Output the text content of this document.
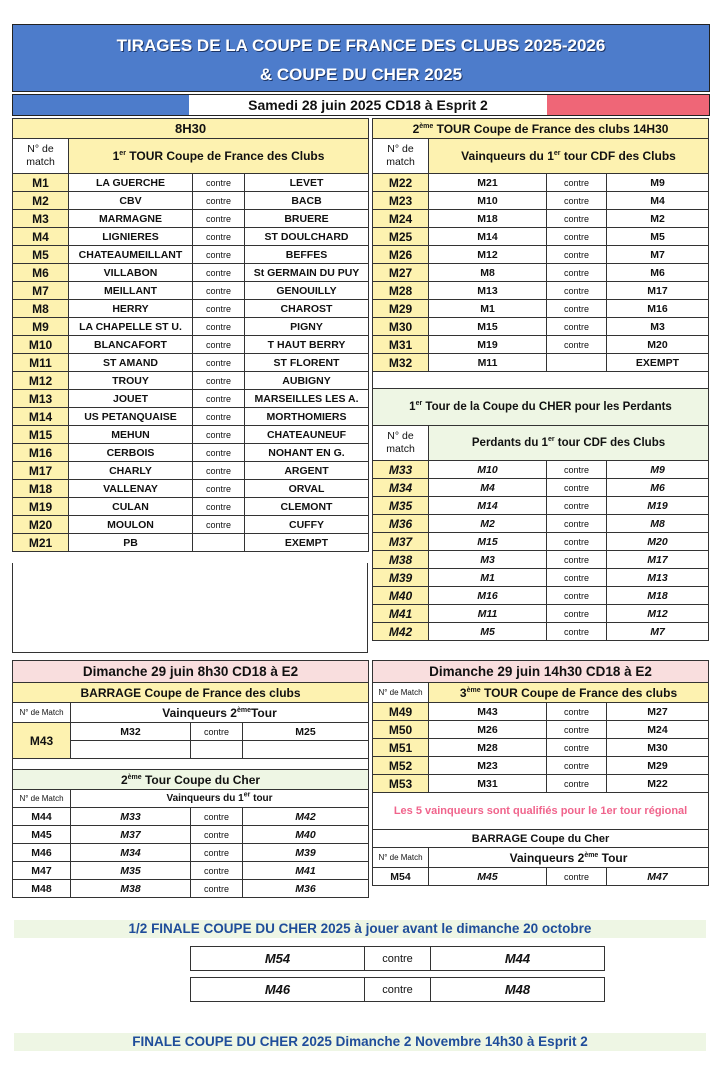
TIRAGES DE LA COUPE DE FRANCE DES CLUBS 2025-2026
& COUPE DU CHER 2025
Samedi 28 juin 2025 CD18 à Esprit 2
8H30			
N° de match	1er TOUR Coupe de France des Clubs		
M1	LA GUERCHE	contre	LEVET
M2	CBV	contre	BACB
M3	MARMAGNE	contre	BRUERE
M4	LIGNIERES	contre	ST DOULCHARD
M5	CHATEAUMEILLANT	contre	BEFFES
M6	VILLABON	contre	St GERMAIN DU PUY
M7	MEILLANT	contre	GENOUILLY
M8	HERRY	contre	CHAROST
M9	LA CHAPELLE ST U.	contre	PIGNY
M10	BLANCAFORT	contre	T HAUT BERRY
M11	ST AMAND	contre	ST FLORENT
M12	TROUY	contre	AUBIGNY
M13	JOUET	contre	MARSEILLES LES A.
M14	US PETANQUAISE	contre	MORTHOMIERS
M15	MEHUN	contre	CHATEAUNEUF
M16	CERBOIS	contre	NOHANT EN G.
M17	CHARLY	contre	ARGENT
M18	VALLENAY	contre	ORVAL
M19	CULAN	contre	CLEMONT
M20	MOULON	contre	CUFFY
M21	PB		EXEMPT
2ème TOUR Coupe de France des clubs 14H30			
N° de match	Vainqueurs du 1er tour CDF des Clubs		
M22	M21	contre	M9
M23	M10	contre	M4
M24	M18	contre	M2
M25	M14	contre	M5
M26	M12	contre	M7
M27	M8	contre	M6
M28	M13	contre	M17
M29	M1	contre	M16
M30	M15	contre	M3
M31	M19	contre	M20
M32	M11		EXEMPT

1er Tour de la Coupe du CHER pour les Perdants			
N° de match	Perdants du 1er tour CDF des Clubs		
M33	M10	contre	M9
M34	M4	contre	M6
M35	M14	contre	M19
M36	M2	contre	M8
M37	M15	contre	M20
M38	M3	contre	M17
M39	M1	contre	M13
M40	M16	contre	M18
M41	M11	contre	M12
M42	M5	contre	M7
Dimanche 29 juin 8h30 CD18 à E2			
BARRAGE Coupe de France des clubs			
N° de Match	Vainqueurs 2èmeTour		
M43	M32	contre	M25

2ème Tour Coupe du Cher			
N° de Match	Vainqueurs du 1er tour		
M44	M33	contre	M42
M45	M37	contre	M40
M46	M34	contre	M39
M47	M35	contre	M41
M48	M38	contre	M36
Dimanche 29 juin 14h30 CD18 à E2			
N° de Match	3ème TOUR Coupe de France des clubs		
M49	M43	contre	M27
M50	M26	contre	M24
M51	M28	contre	M30
M52	M23	contre	M29
M53	M31	contre	M22
Les 5 vainqueurs sont qualifiés pour le 1er tour régional			
BARRAGE Coupe du Cher			
N° de Match	Vainqueurs 2ème Tour		
M54	M45	contre	M47
1/2 FINALE COUPE DU CHER 2025 à jouer avant le dimanche 20 octobre
M54	contre	M44
M46	contre	M48
FINALE COUPE DU CHER 2025 Dimanche 2 Novembre 14h30 à Esprit 2
